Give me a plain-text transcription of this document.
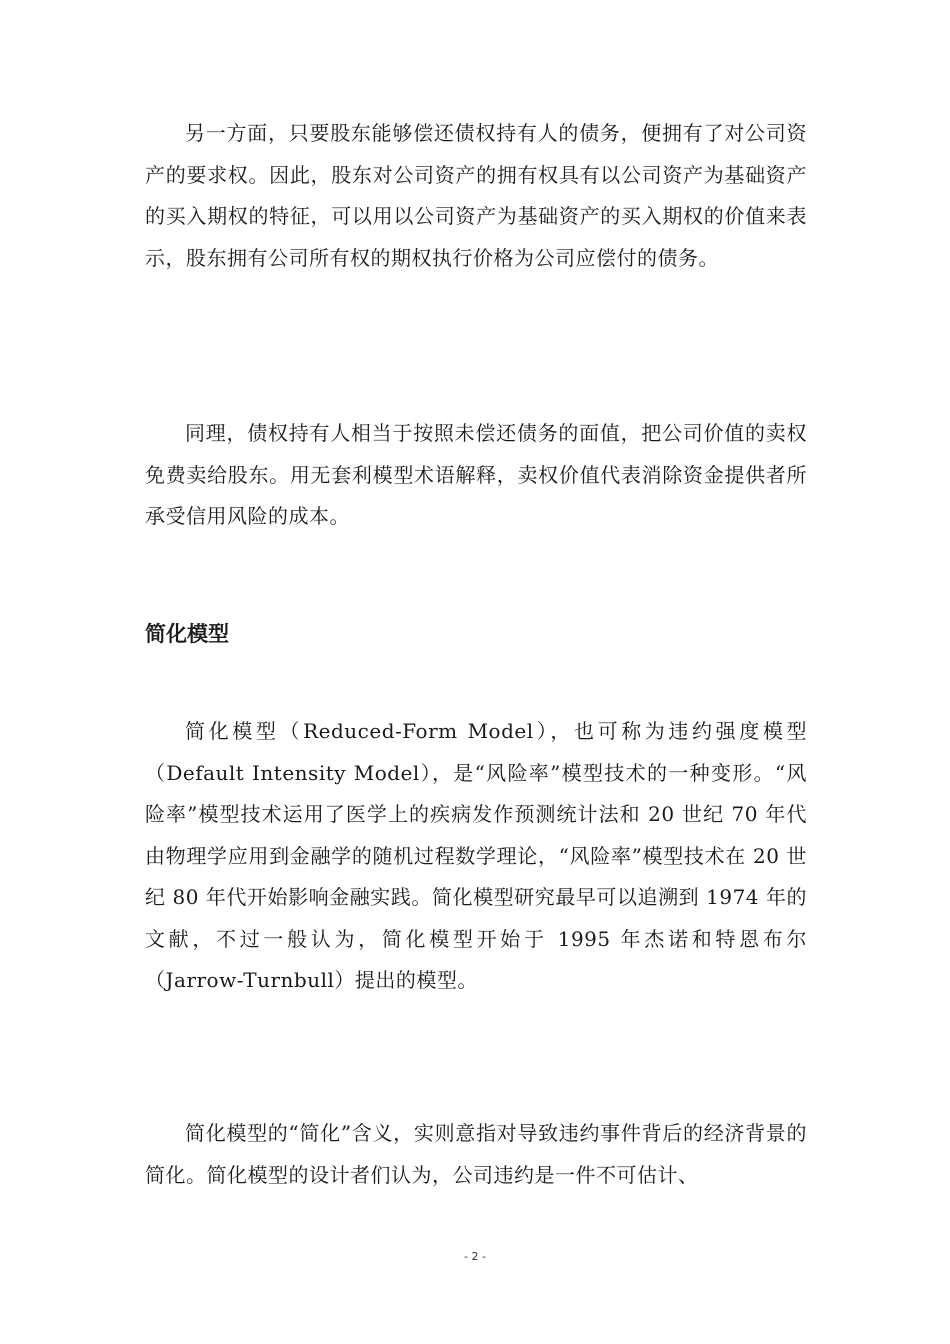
另一方面，只要股东能够偿还债权持有人的债务，便拥有了对公司资产的要求权。因此，股东对公司资产的拥有权具有以公司资产为基础资产的买入期权的特征，可以用以公司资产为基础资产的买入期权的价值来表示，股东拥有公司所有权的期权执行价格为公司应偿付的债务。

同理，债权持有人相当于按照未偿还债务的面值，把公司价值的卖权免费卖给股东。用无套利模型术语解释，卖权价值代表消除资金提供者所承受信用风险的成本。

简化模型

简化模型（Reduced-Form Model），也可称为违约强度模型（Default Intensity Model），是“风险率”模型技术的一种变形。“风险率”模型技术运用了医学上的疾病发作预测统计法和 20 世纪 70 年代由物理学应用到金融学的随机过程数学理论，“风险率”模型技术在 20 世纪 80 年代开始影响金融实践。简化模型研究最早可以追溯到 1974 年的文献，不过一般认为，简化模型开始于 1995 年杰诺和特恩布尔（Jarrow-Turnbull）提出的模型。

简化模型的“简化”含义，实则意指对导致违约事件背后的经济背景的简化。简化模型的设计者们认为，公司违约是一件不可估计、

- 2 -
